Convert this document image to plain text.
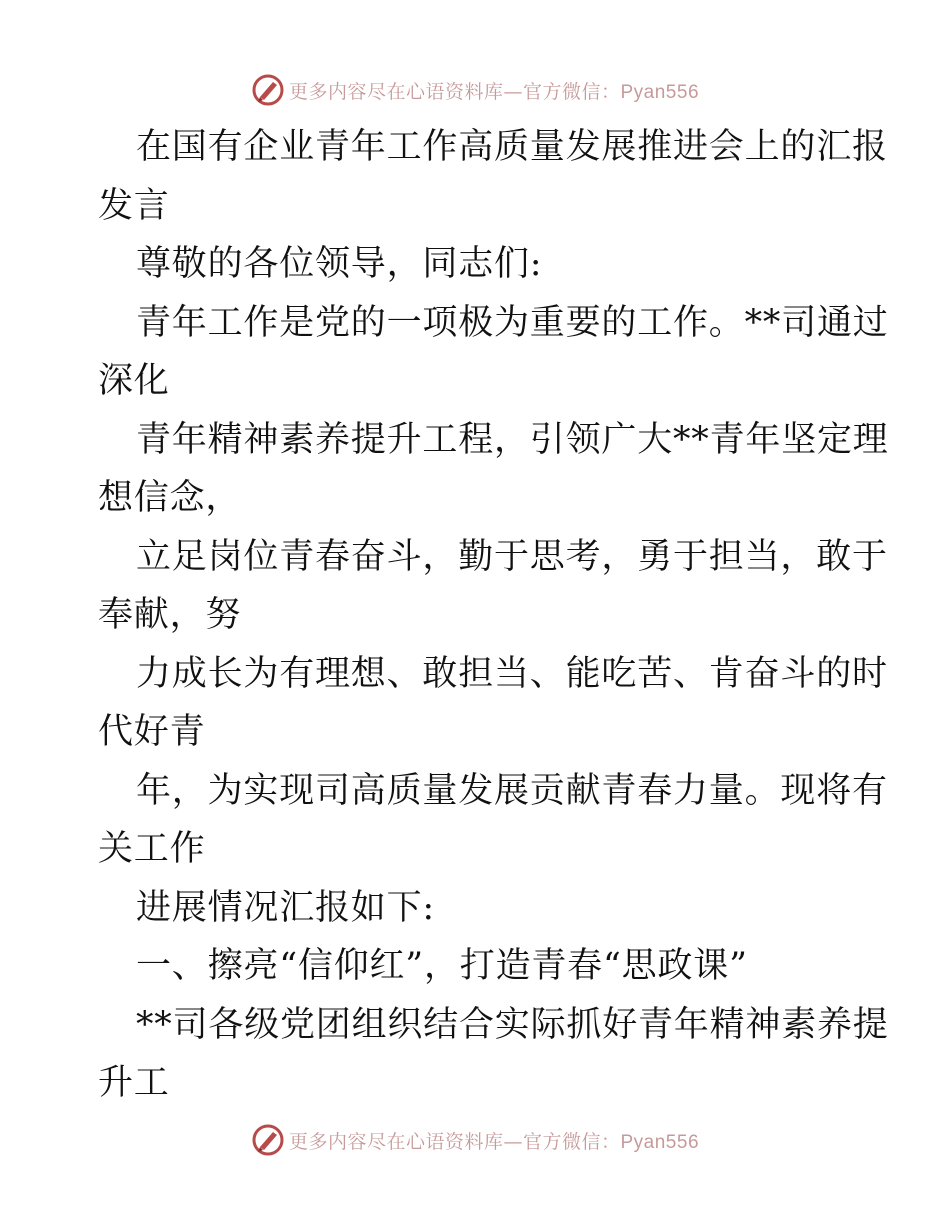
更多内容尽在心语资料库—官方微信：Pyan556
在国有企业青年工作高质量发展推进会上的汇报
发言
尊敬的各位领导，同志们:
青年工作是党的一项极为重要的工作。**司通过
深化
青年精神素养提升工程，引领广大**青年坚定理
想信念，
立足岗位青春奋斗，勤于思考，勇于担当，敢于
奉献，努
力成长为有理想、敢担当、能吃苦、肯奋斗的时
代好青
年，为实现司高质量发展贡献青春力量。现将有
关工作
进展情况汇报如下:
一、擦亮“信仰红”，打造青春“思政课”
**司各级党团组织结合实际抓好青年精神素养提
升工
更多内容尽在心语资料库—官方微信：Pyan556
